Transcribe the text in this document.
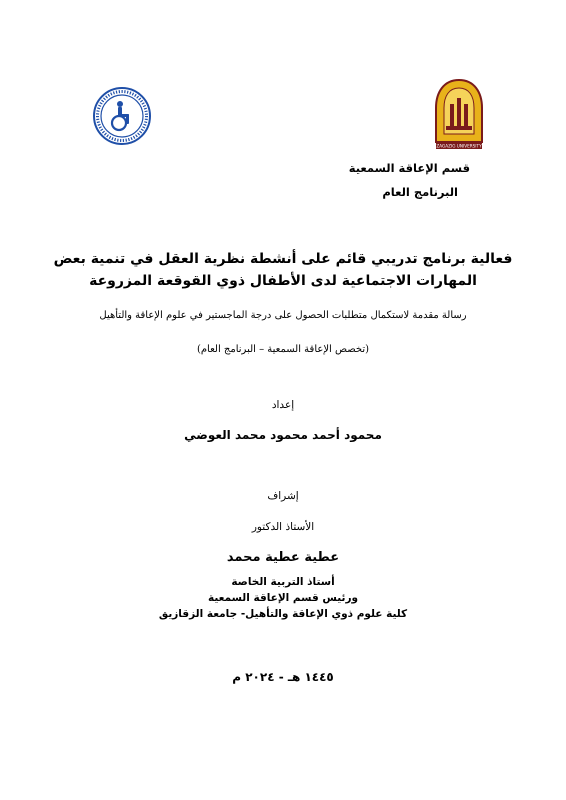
ZAGAZIG UNIVERSITY
قسم الإعاقة السمعية
البرنامج العام
فعالية برنامج تدريبي قائم على أنشطة نظرية العقل في تنمية بعض
المهارات الاجتماعية لدى الأطفال ذوي القوقعة المزروعة
رسالة مقدمة لاستكمال متطلبات الحصول على درجة الماجستير في علوم الإعاقة والتأهيل
(تخصص الإعاقة السمعية – البرنامج العام)
إعداد
محمود أحمد محمود محمد العوضي
إشراف
الأستاذ الدكتور
عطية عطية محمد
أستاذ التربية الخاصة
ورئيس قسم الإعاقة السمعية
كلية علوم ذوي الإعاقة والتأهيل- جامعة الزقازيق
١٤٤٥ هـ - ٢٠٢٤ م
